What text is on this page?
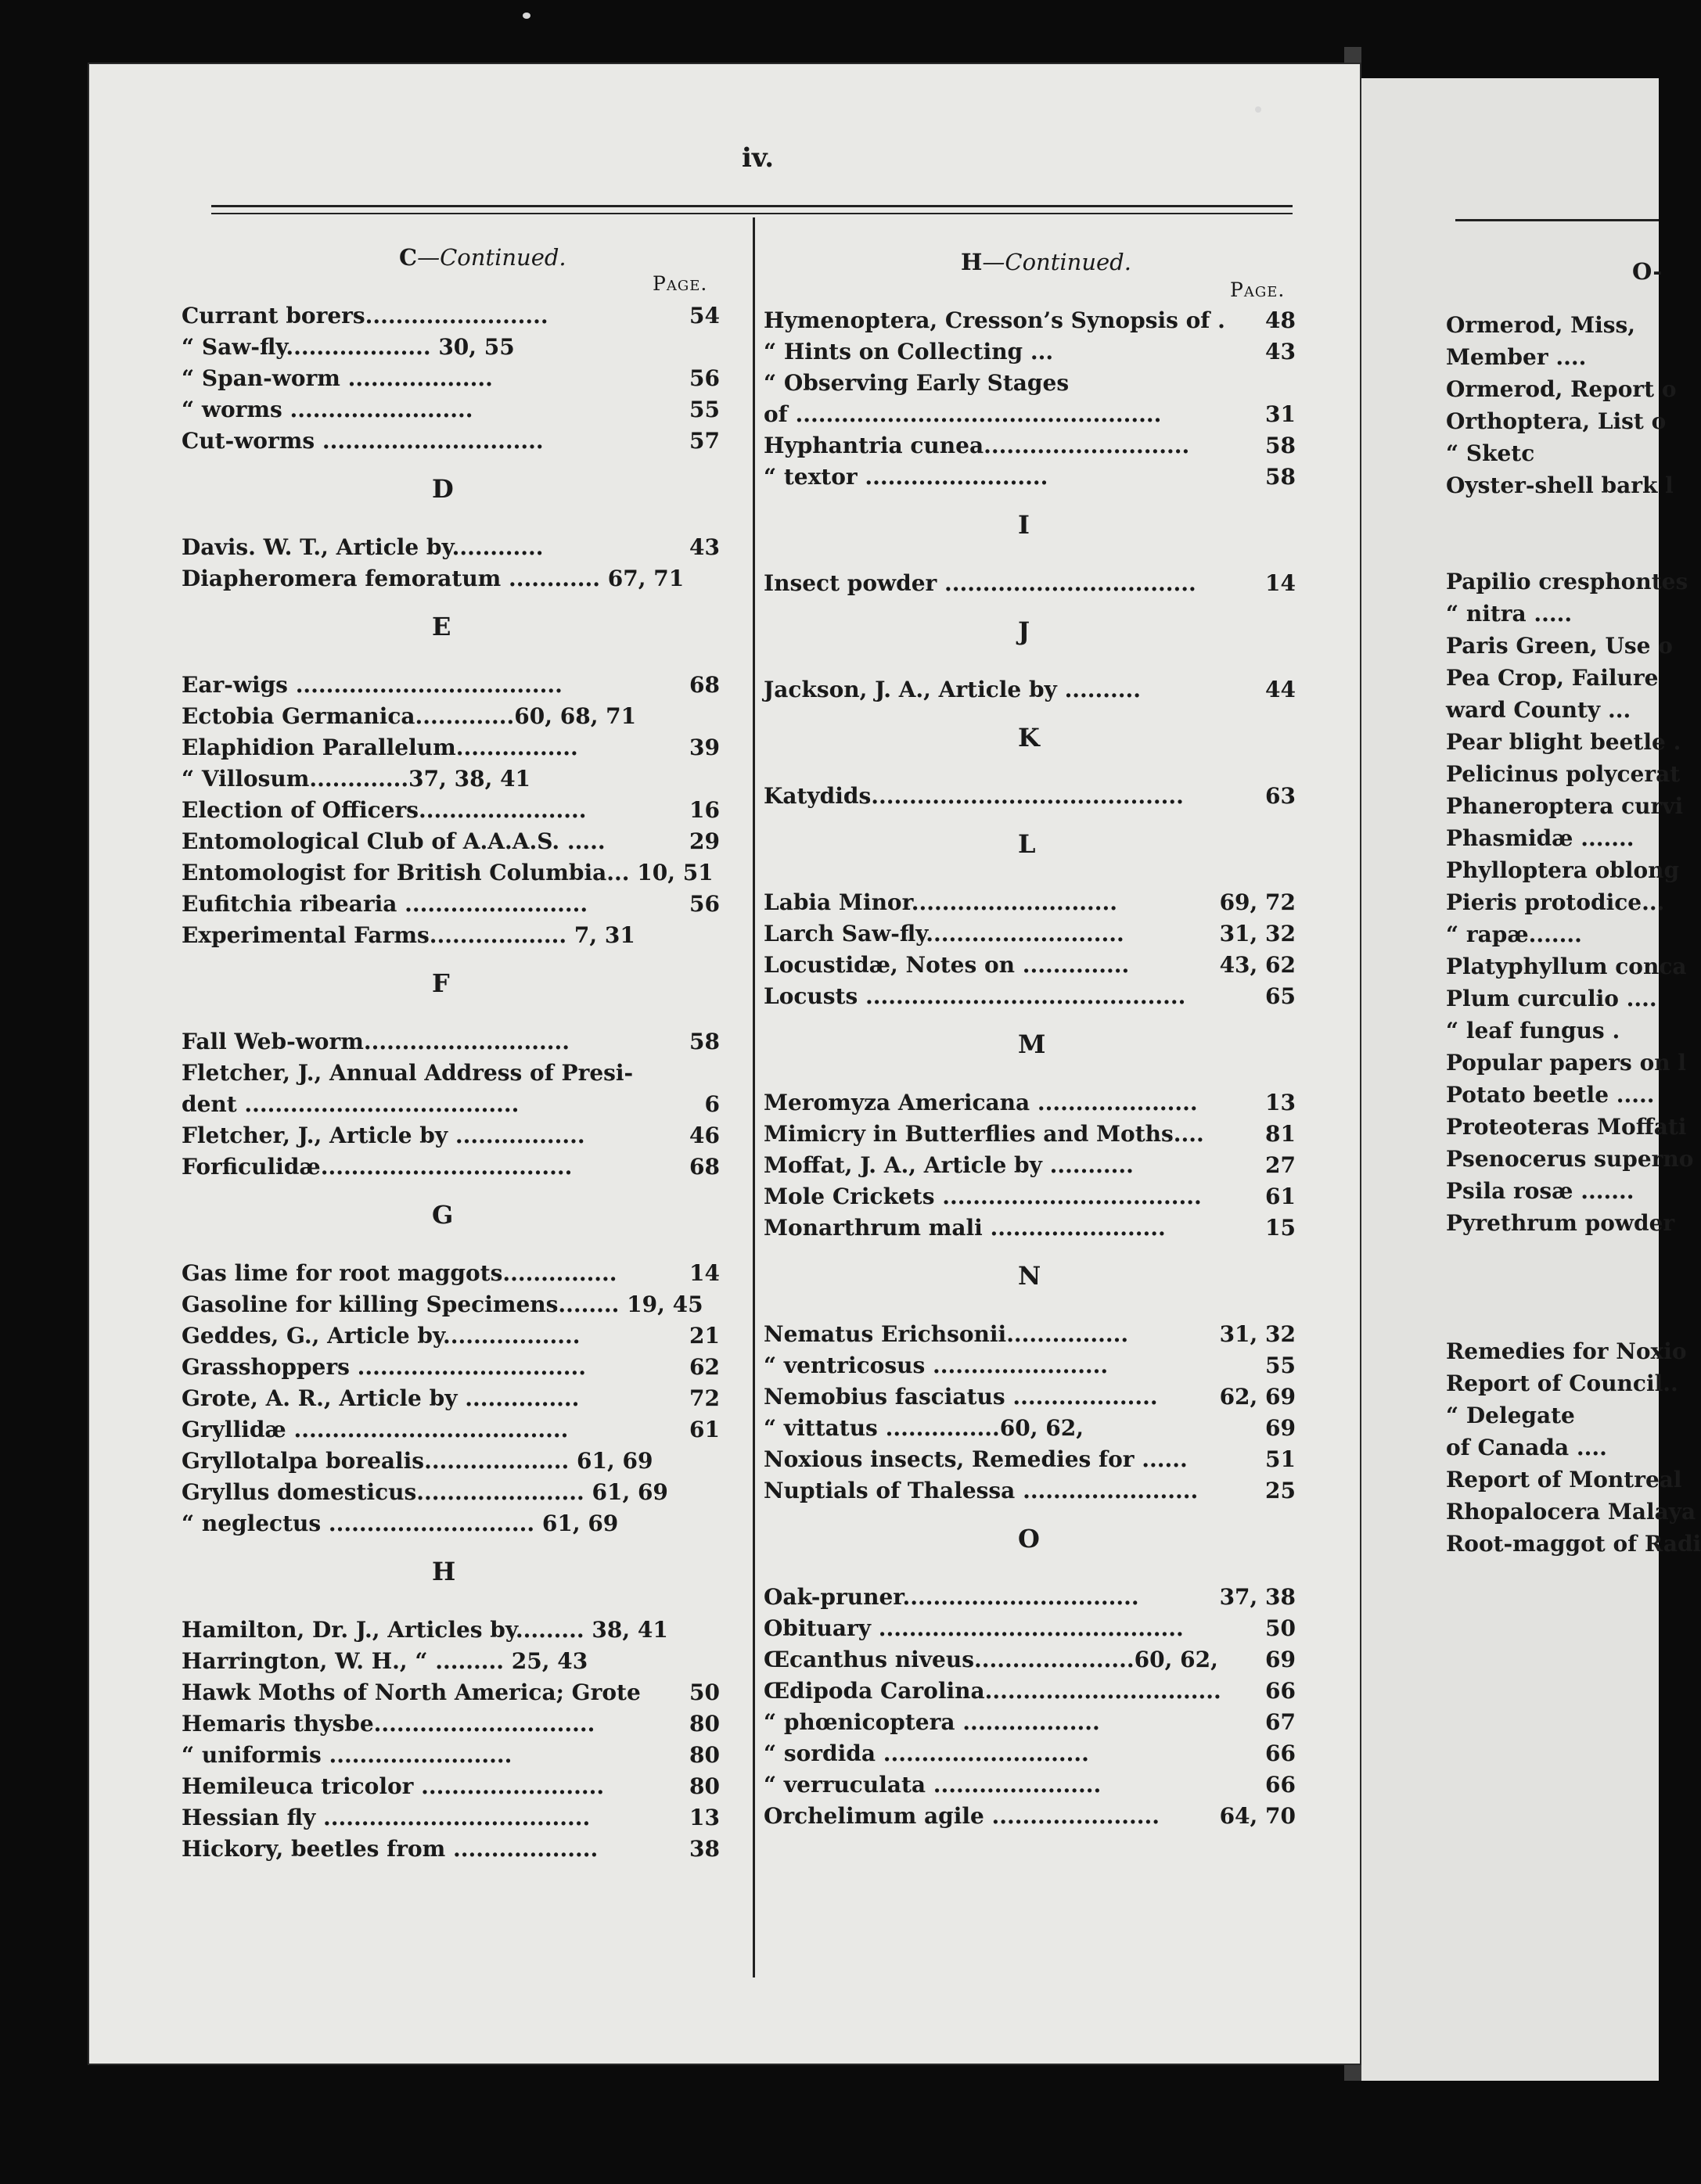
iv.
C—Continued.
Page.
Currant borers........................	54
“ Saw-fly................... 30, 55
“ Span-worm ...................	56
“ worms ........................	55
Cut-worms .............................	57
D
Davis. W. T., Article by............	43
Diapheromera femoratum ............ 67, 71
E
Ear-wigs ...................................	68
Ectobia Germanica.............60, 68, 71
Elaphidion Parallelum................	39
“ Villosum.............37, 38, 41
Election of Officers......................	16
Entomological Club of A.A.A.S. .....	29
Entomologist for British Columbia... 10, 51
Eufitchia ribearia ........................	56
Experimental Farms.................. 7, 31
F
Fall Web-worm...........................	58
Fletcher, J., Annual Address of Presi-
dent ....................................	6
Fletcher, J., Article by .................	46
Forficulidæ.................................	68
G
Gas lime for root maggots...............	14
Gasoline for killing Specimens........ 19, 45
Geddes, G., Article by..................	21
Grasshoppers ..............................	62
Grote, A. R., Article by ...............	72
Gryllidæ ....................................	61
Gryllotalpa borealis................... 61, 69
Gryllus domesticus...................... 61, 69
“ neglectus ........................... 61, 69
H
Hamilton, Dr. J., Articles by......... 38, 41
Harrington, W. H., “ ......... 25, 43
Hawk Moths of North America; Grote 50
Hemaris thysbe.............................	80
“ uniformis ........................	80
Hemileuca tricolor ........................	80
Hessian fly ...................................	13
Hickory, beetles from ...................	38
H—Continued.
Page.
Hymenoptera, Cresson’s Synopsis of . 48
“ Hints on Collecting ...	43
“ Observing Early Stages
of ................................................	31
Hyphantria cunea...........................	58
“ textor ........................	58
I
Insect powder .................................	14
J
Jackson, J. A., Article by ..........	44
K
Katydids.........................................	63
L
Labia Minor...........................	69, 72
Larch Saw-fly..........................	31, 32
Locustidæ, Notes on ..............	43, 62
Locusts ..........................................	65
M
Meromyza Americana .....................	13
Mimicry in Butterflies and Moths....	81
Moffat, J. A., Article by ...........	27
Mole Crickets ..................................	61
Monarthrum mali .......................	15
N
Nematus Erichsonii................	31, 32
“ ventricosus .......................	55
Nemobius fasciatus ...................	62, 69
“ vittatus ...............60, 62,	69
Noxious insects, Remedies for ......	51
Nuptials of Thalessa .......................	25
O
Oak-pruner...............................	37, 38
Obituary ........................................	50
Œcanthus niveus.....................60, 62, 69
Œdipoda Carolina............................... 66
“ phœnicoptera ..................	67
“ sordida ...........................	66
“ verruculata ......................	66
Orchelimum agile ......................	64, 70
O-
Ormerod, Miss,
Member ....
Ormerod, Report o
Orthoptera, List o
“ Sketc
Oyster-shell bark l
Papilio cresphontes
“ nitra .....
Paris Green, Use o
Pea Crop, Failure
ward County ...
Pear blight beetle .
Pelicinus polycerat
Phaneroptera curvi
Phasmidæ .......
Phylloptera oblong
Pieris protodice...
“ rapæ.......
Platyphyllum conca
Plum curculio ....
“ leaf fungus .
Popular papers on l
Potato beetle .....
Proteoteras Moffati
Psenocerus superno
Psila rosæ .......
Pyrethrum powder
Remedies for Noxio
Report of Council..
“ Delegate
of Canada ....
Report of Montreal
Rhopalocera Malaya
Root-maggot of Radi
